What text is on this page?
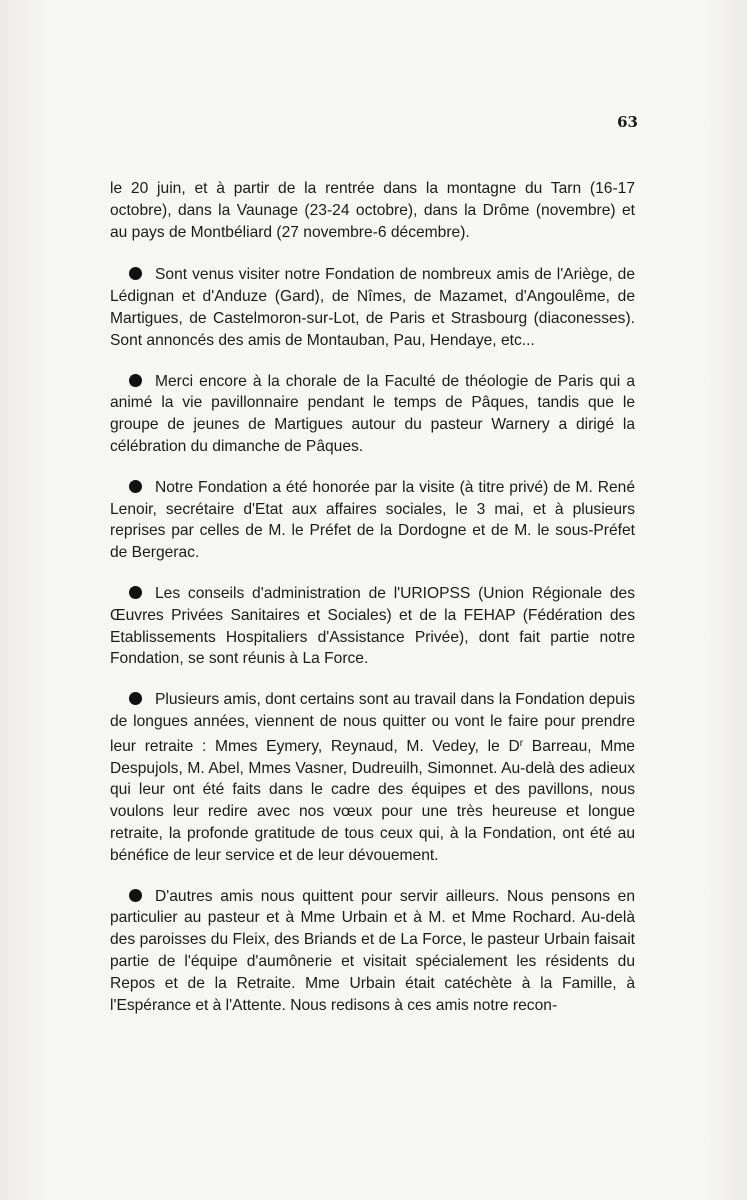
63

le 20 juin, et à partir de la rentrée dans la montagne du Tarn (16-17 octobre), dans la Vaunage (23-24 octobre), dans la Drôme (novembre) et au pays de Montbéliard (27 novembre-6 décembre).

Sont venus visiter notre Fondation de nombreux amis de l'Ariège, de Lédignan et d'Anduze (Gard), de Nîmes, de Mazamet, d'Angoulême, de Martigues, de Castelmoron-sur-Lot, de Paris et Strasbourg (diaconesses). Sont annoncés des amis de Montauban, Pau, Hendaye, etc...

Merci encore à la chorale de la Faculté de théologie de Paris qui a animé la vie pavillonnaire pendant le temps de Pâques, tandis que le groupe de jeunes de Martigues autour du pasteur Warnery a dirigé la célébration du dimanche de Pâques.

Notre Fondation a été honorée par la visite (à titre privé) de M. René Lenoir, secrétaire d'Etat aux affaires sociales, le 3 mai, et à plusieurs reprises par celles de M. le Préfet de la Dordogne et de M. le sous-Préfet de Bergerac.

Les conseils d'administration de l'URIOPSS (Union Régionale des Œuvres Privées Sanitaires et Sociales) et de la FEHAP (Fédération des Etablissements Hospitaliers d'Assistance Privée), dont fait partie notre Fondation, se sont réunis à La Force.

Plusieurs amis, dont certains sont au travail dans la Fondation depuis de longues années, viennent de nous quitter ou vont le faire pour prendre leur retraite : Mmes Eymery, Reynaud, M. Vedey, le $D^r$ Barreau, Mme Despujols, M. Abel, Mmes Vasner, Dudreuilh, Simonnet. Au-delà des adieux qui leur ont été faits dans le cadre des équipes et des pavillons, nous voulons leur redire avec nos vœux pour une très heureuse et longue retraite, la profonde gratitude de tous ceux qui, à la Fondation, ont été au bénéfice de leur service et de leur dévouement.

D'autres amis nous quittent pour servir ailleurs. Nous pensons en particulier au pasteur et à Mme Urbain et à M. et Mme Rochard. Au-delà des paroisses du Fleix, des Briands et de La Force, le pasteur Urbain faisait partie de l'équipe d'aumônerie et visitait spécialement les résidents du Repos et de la Retraite. Mme Urbain était catéchète à la Famille, à l'Espérance et à l'Attente. Nous redisons à ces amis notre recon-
